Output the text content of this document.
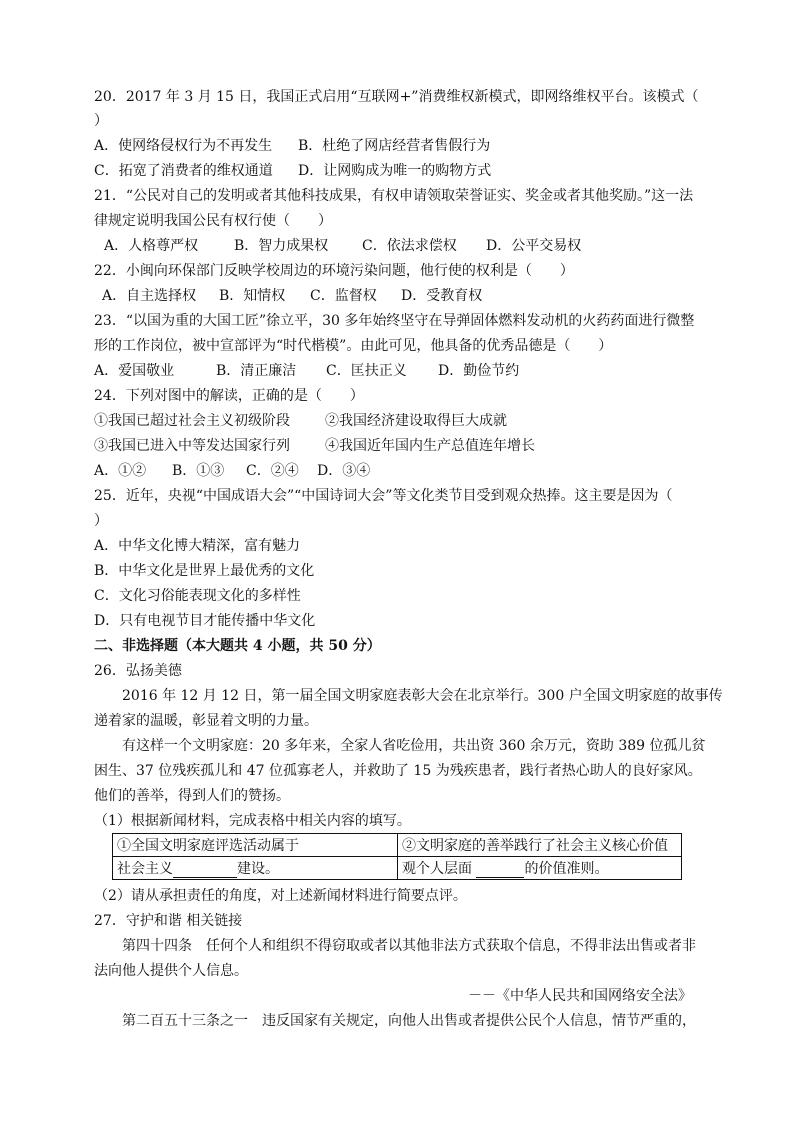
20．2017 年 3 月 15 日，我国正式启用“互联网+”消费维权新模式，即网络维权平台。该模式（
）
A．使网络侵权行为不再发生 B．杜绝了网店经营者售假行为
C．拓宽了消费者的维权通道 D．让网购成为唯一的购物方式
21．“公民对自己的发明或者其他科技成果，有权申请领取荣誉证实、奖金或者其他奖励。”这一法
律规定说明我国公民有权行使（　　）
A．人格尊严权	B．智力成果权 C．依法求偿权 D．公平交易权
22．小闽向环保部门反映学校周边的环境污染问题，他行使的权利是（　　）
A．自主选择权 B．知情权 C．监督权 D．受教育权
23．“以国为重的大国工匠”徐立平，30 多年始终坚守在导弹固体燃料发动机的火药药面进行微整
形的工作岗位，被中宣部评为“时代楷模”。由此可见，他具备的优秀品德是（　　）
A．爱国敬业	B．清正廉洁 C．匡扶正义 D．勤俭节约
24．下列对图中的解读，正确的是（　　）
①我国已超过社会主义初级阶段	②我国经济建设取得巨大成就
③我国已进入中等发达国家行列	④我国近年国内生产总值连年增长
A．①② B．①③ C．②④ D．③④
25．近年，央视“中国成语大会”“中国诗词大会”等文化类节目受到观众热捧。这主要是因为（
）
A．中华文化博大精深，富有魅力
B．中华文化是世界上最优秀的文化
C．文化习俗能表现文化的多样性
D．只有电视节目才能传播中华文化
二、非选择题（本大题共 4 小题，共 50 分）
26．弘扬美德
2016 年 12 月 12 日，第一届全国文明家庭表彰大会在北京举行。300 户全国文明家庭的故事传
递着家的温暖，彰显着文明的力量。
有这样一个文明家庭：20 多年来，全家人省吃俭用，共出资 360 余万元，资助 389 位孤儿贫
困生、37 位残疾孤儿和 47 位孤寡老人，并救助了 15 为残疾患者，践行者热心助人的良好家风。
他们的善举，得到人们的赞扬。
（1）根据新闻材料，完成表格中相关内容的填写。
①全国文明家庭评选活动属于	②文明家庭的善举践行了社会主义核心价值
社会主义 建设。	观个人层面 的价值准则。
（2）请从承担责任的角度，对上述新闻材料进行简要点评。
27．守护和谐 相关链接
第四十四条　任何个人和组织不得窃取或者以其他非法方式获取个信息，不得非法出售或者非
法向他人提供个人信息。
－－《中华人民共和国网络安全法》
第二百五十三条之一　违反国家有关规定，向他人出售或者提供公民个人信息，情节严重的，
